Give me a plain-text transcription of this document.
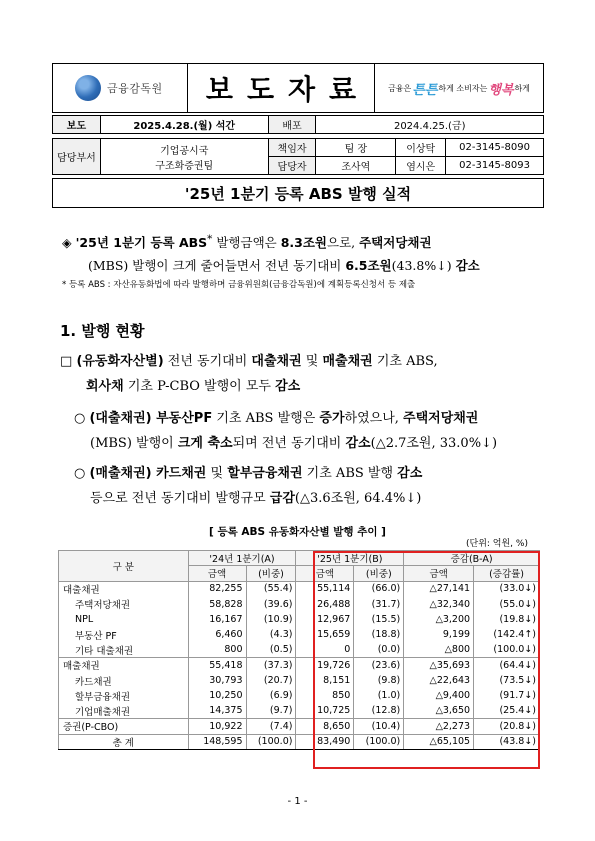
금융감독원	보도자료	금융은 튼튼 하게 소비자는 행복 하게
보도	2025.4.28.(월) 석간	배포	2024.4.25.(금)		

담당부서	기업공시국
구조화증권팀	책임자	팀 장	이상탁	02-3145-8090
		담당자	조사역	염시은	02-3145-8093
'25년 1분기 등록 ABS 발행 실적
◈ '25년 1분기 등록 ABS* 발행금액은 8.3조원으로, 주택저당채권
(MBS) 발행이 크게 줄어들면서 전년 동기대비 6.5조원(43.8%↓) 감소
* 등록 ABS : 자산유동화법에 따라 발행하며 금융위원회(금융감독원)에 계획등록신청서 등 제출
1. 발행 현황
□ (유동화자산별) 전년 동기대비 대출채권 및 매출채권 기초 ABS,
회사채 기초 P-CBO 발행이 모두 감소
○ (대출채권) 부동산PF 기초 ABS 발행은 증가하였으나, 주택저당채권
(MBS) 발행이 크게 축소되며 전년 동기대비 감소(△2.7조원, 33.0%↓)
○ (매출채권) 카드채권 및 할부금융채권 기초 ABS 발행 감소
등으로 전년 동기대비 발행규모 급감(△3.6조원, 64.4%↓)
[ 등록 ABS 유동화자산별 발행 추이 ]
(단위: 억원, %)
구 분	'24년 1분기(A)		'25년 1분기(B)		증감(B-A)	
	금액	(비중)	금액	(비중)	금액	(증감률)
대출채권	82,255	(55.4)	55,114	(66.0)	△27,141	(33.0↓)
주택저당채권	58,828	(39.6)	26,488	(31.7)	△32,340	(55.0↓)
NPL	16,167	(10.9)	12,967	(15.5)	△3,200	(19.8↓)
부동산 PF	6,460	(4.3)	15,659	(18.8)	9,199	(142.4↑)
기타 대출채권	800	(0.5)	0	(0.0)	△800	(100.0↓)
매출채권	55,418	(37.3)	19,726	(23.6)	△35,693	(64.4↓)
카드채권	30,793	(20.7)	8,151	(9.8)	△22,643	(73.5↓)
할부금융채권	10,250	(6.9)	850	(1.0)	△9,400	(91.7↓)
기업매출채권	14,375	(9.7)	10,725	(12.8)	△3,650	(25.4↓)
증권(P-CBO)	10,922	(7.4)	8,650	(10.4)	△2,273	(20.8↓)
총 계	148,595	(100.0)	83,490	(100.0)	△65,105	(43.8↓)
- 1 -
